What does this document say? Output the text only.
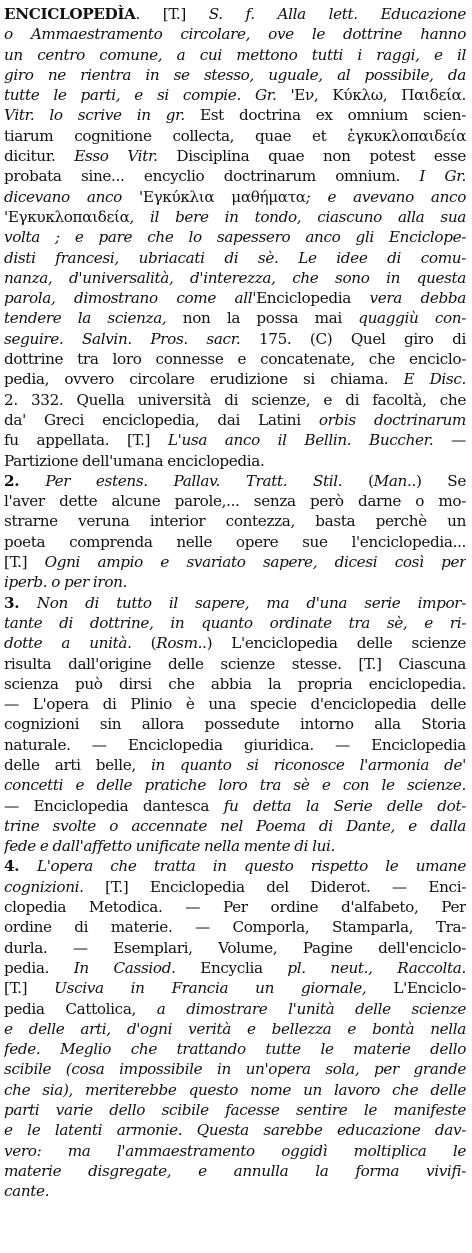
ENCICLOPEDÌA. [T.] S. f. Alla lett. Educazione
o Ammaestramento circolare, ove le dottrine hanno
un centro comune, a cui mettono tutti i raggi, e il
giro ne rientra in se stesso, uguale, al possibile, da
tutte le parti, e si compie. Gr. 'Εν, Κύκλω, Παιδεία.
Vitr. lo scrive in gr. Est doctrina ex omnium scien-
tiarum cognitione collecta, quae et ἐγκυκλοπαιδεία
dicitur. Esso Vitr. Disciplina quae non potest esse
probata sine... encyclio doctrinarum omnium. I Gr.
dicevano anco 'Εγκύκλια μαθήματα; e avevano anco
'Εγκυκλοπαιδεία, il bere in tondo, ciascuno alla sua
volta ; e pare che lo sapessero anco gli Enciclope-
disti francesi, ubriacati di sè. Le idee di comu-
nanza, d'universalità, d'interezza, che sono in questa
parola, dimostrano come all'Enciclopedia vera debba
tendere la scienza, non la possa mai quaggiù con-
seguire. Salvin. Pros. sacr. 175. (C) Quel giro di
dottrine tra loro connesse e concatenate, che enciclo-
pedia, ovvero circolare erudizione si chiama. E Disc.
2. 332. Quella università di scienze, e di facoltà, che
da' Greci enciclopedia, dai Latini orbis doctrinarum
fu appellata. [T.] L'usa anco il Bellin. Buccher. —
Partizione dell'umana enciclopedia.
2. Per estens. Pallav. Tratt. Stil. (Man..) Se
l'aver dette alcune parole,... senza però darne o mo-
strarne veruna interior contezza, basta perchè un
poeta comprenda nelle opere sue l'enciclopedia...
[T.] Ogni ampio e svariato sapere, dicesi così per
iperb. o per iron.
3. Non di tutto il sapere, ma d'una serie impor-
tante di dottrine, in quanto ordinate tra sè, e ri-
dotte a unità. (Rosm..) L'enciclopedia delle scienze
risulta dall'origine delle scienze stesse. [T.] Ciascuna
scienza può dirsi che abbia la propria enciclopedia.
— L'opera di Plinio è una specie d'enciclopedia delle
cognizioni sin allora possedute intorno alla Storia
naturale. — Enciclopedia giuridica. — Enciclopedia
delle arti belle, in quanto si riconosce l'armonia de'
concetti e delle pratiche loro tra sè e con le scienze.
— Enciclopedia dantesca fu detta la Serie delle dot-
trine svolte o accennate nel Poema di Dante, e dalla
fede e dall'affetto unificate nella mente di lui.
4. L'opera che tratta in questo rispetto le umane
cognizioni. [T.] Enciclopedia del Diderot. — Enci-
clopedia Metodica. — Per ordine d'alfabeto, Per
ordine di materie. — Comporla, Stamparla, Tra-
durla. — Esemplari, Volume, Pagine dell'enciclo-
pedia. In Cassiod. Encyclia pl. neut., Raccolta.
[T.] Usciva in Francia un giornale, L'Enciclo-
pedia Cattolica, a dimostrare l'unità delle scienze
e delle arti, d'ogni verità e bellezza e bontà nella
fede. Meglio che trattando tutte le materie dello
scibile (cosa impossibile in un'opera sola, per grande
che sia), meriterebbe questo nome un lavoro che delle
parti varie dello scibile facesse sentire le manifeste
e le latenti armonie. Questa sarebbe educazione dav-
vero: ma l'ammaestramento oggidì moltiplica le
materie disgregate, e annulla la forma vivifi-
cante.
